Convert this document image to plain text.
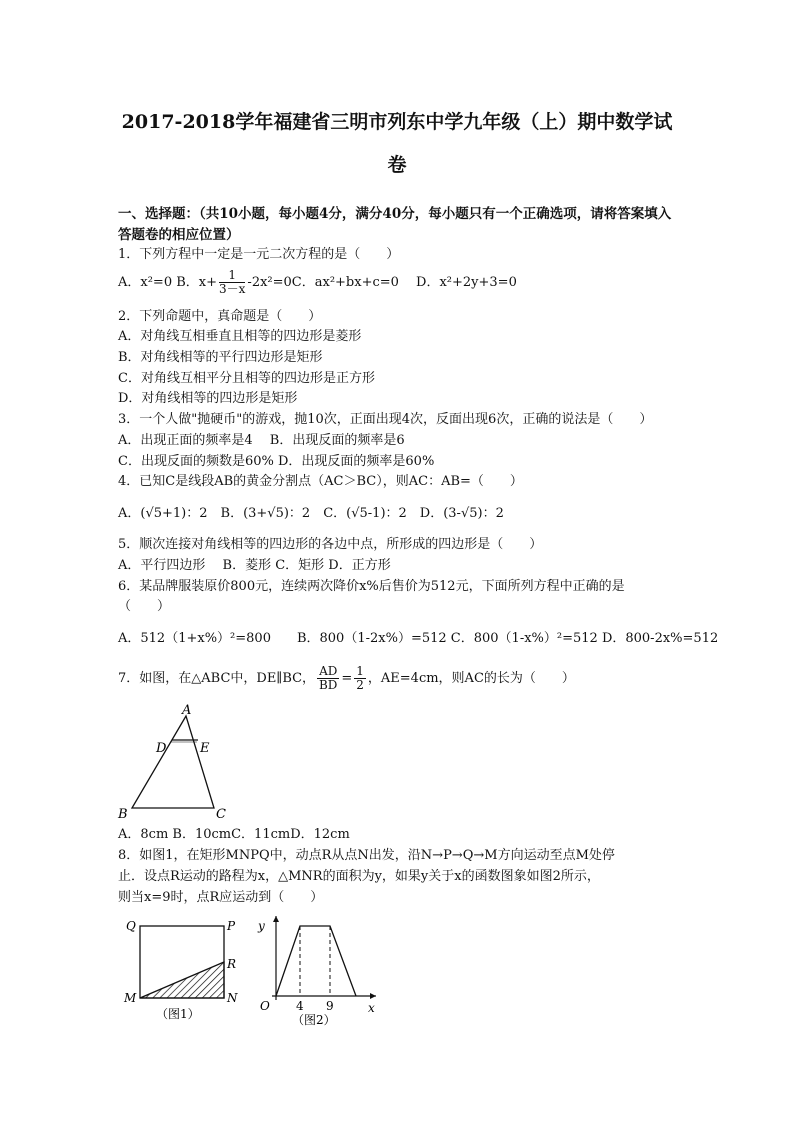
2017-2018学年福建省三明市列东中学九年级（上）期中数学试
卷
一、选择题：（共10小题，每小题4分，满分40分，每小题只有一个正确选项，请将答案填入答题卷的相应位置）
1．下列方程中一定是一元二次方程的是（　　）
A．x²=0 B．$x+ \frac{1}{3-x} -2x^2=0C$．ax²+bx+c=0　 D．x²+2y+3=0
2．下列命题中，真命题是（　　）
A．对角线互相垂直且相等的四边形是菱形
B．对角线相等的平行四边形是矩形
C．对角线互相平分且相等的四边形是正方形
D．对角线相等的四边形是矩形
3．一个人做"抛硬币"的游戏，抛10次，正面出现4次，反面出现6次，正确的说法是（　　）
A．出现正面的频率是4　 B．出现反面的频率是6
C．出现反面的频数是60% D．出现反面的频率是60%
4．已知C是线段AB的黄金分割点（AC＞BC），则AC：AB=（　　）
A．(√5+1)：2　B．(3+√5)：2　C．(√5-1)：2　D．(3-√5)：2
5．顺次连接对角线相等的四边形的各边中点，所形成的四边形是（　　）
A．平行四边形　 B．菱形 C．矩形 D．正方形
6．某品牌服装原价800元，连续两次降价x%后售价为512元，下面所列方程中正确的是
（　　）
A．512（1+x%）²=800　　B．800（1-2x%）=512 C．800（1-x%）²=512 D．800-2x%=512
7．如图，在△ABC中，DE∥BC， $\frac{AD}{BD} = \frac{1}{2}$ ，AE=4cm，则AC的长为（　　）
A
D	E
B	C
A．8cm B．10cmC．11cmD．12cm
8．如图1，在矩形MNPQ中，动点R从点N出发，沿N→P→Q→M方向运动至点M处停
止．设点R运动的路程为x，△MNR的面积为y，如果y关于x的函数图象如图2所示，
则当x=9时，点R应运动到（　　）
Q	P
R
M	N
（图1）
y
O 4 9	x
（图2）
